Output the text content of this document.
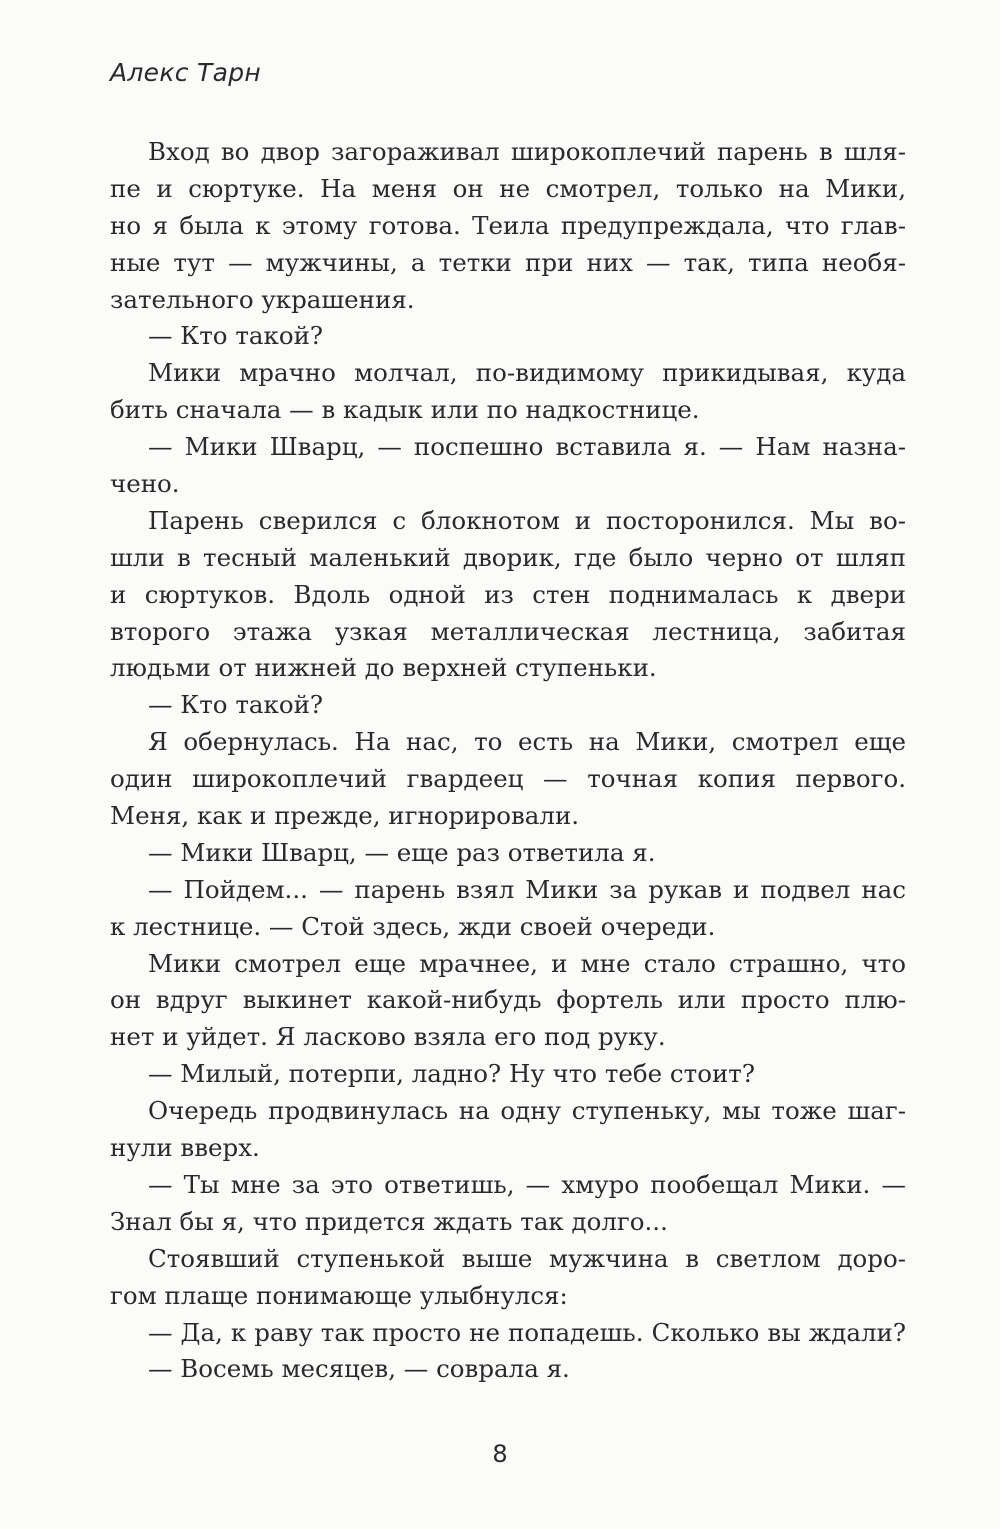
Алекс Тарн
Вход во двор загораживал широкоплечий парень в шля-
пе и сюртуке. На меня он не смотрел, только на Мики,
но я была к этому готова. Теила предупреждала, что глав-
ные тут — мужчины, а тетки при них — так, типа необя-
зательного украшения.
— Кто такой?
Мики мрачно молчал, по-видимому прикидывая, куда
бить сначала — в кадык или по надкостнице.
— Мики Шварц, — поспешно вставила я. — Нам назна-
чено.
Парень сверился с блокнотом и посторонился. Мы во-
шли в тесный маленький дворик, где было черно от шляп
и сюртуков. Вдоль одной из стен поднималась к двери
второго этажа узкая металлическая лестница, забитая
людьми от нижней до верхней ступеньки.
— Кто такой?
Я обернулась. На нас, то есть на Мики, смотрел еще
один широкоплечий гвардеец — точная копия первого.
Меня, как и прежде, игнорировали.
— Мики Шварц, — еще раз ответила я.
— Пойдем... — парень взял Мики за рукав и подвел нас
к лестнице. — Стой здесь, жди своей очереди.
Мики смотрел еще мрачнее, и мне стало страшно, что
он вдруг выкинет какой-нибудь фортель или просто плю-
нет и уйдет. Я ласково взяла его под руку.
— Милый, потерпи, ладно? Ну что тебе стоит?
Очередь продвинулась на одну ступеньку, мы тоже шаг-
нули вверх.
— Ты мне за это ответишь, — хмуро пообещал Мики. —
Знал бы я, что придется ждать так долго...
Стоявший ступенькой выше мужчина в светлом доро-
гом плаще понимающе улыбнулся:
— Да, к раву так просто не попадешь. Сколько вы ждали?
— Восемь месяцев, — соврала я.
8
